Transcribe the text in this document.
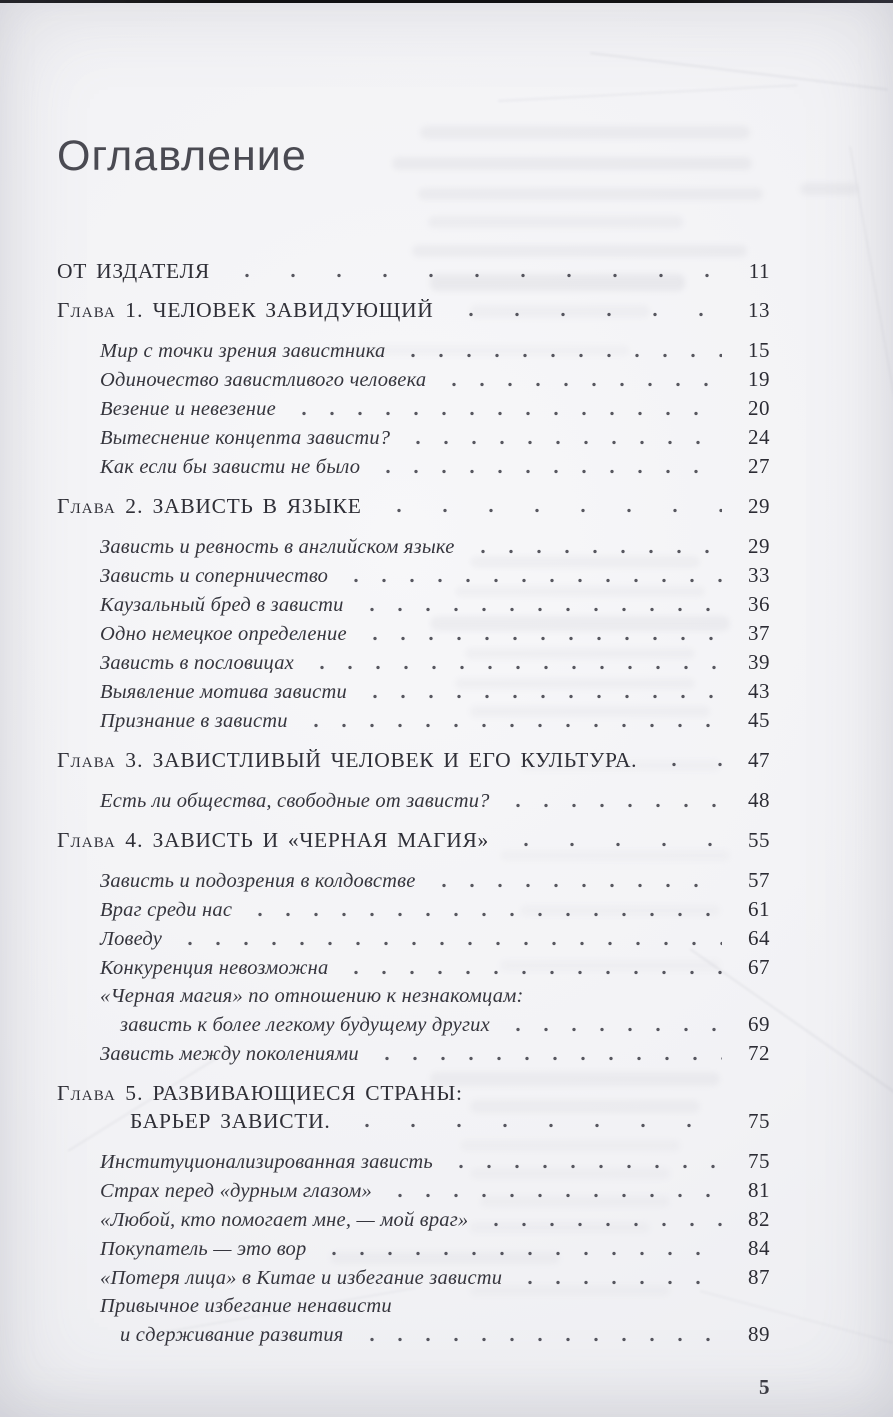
Оглавление
ОТ ИЗДАТЕЛЯ	11
Глава 1. ЧЕЛОВЕК ЗАВИДУЮЩИЙ	13
Мир с точки зрения завистника	15
Одиночество завистливого человека	19
Везение и невезение	20
Вытеснение концепта зависти?	24
Как если бы зависти не было	27
Глава 2. ЗАВИСТЬ В ЯЗЫКЕ	29
Зависть и ревность в английском языке	29
Зависть и соперничество	33
Каузальный бред в зависти	36
Одно немецкое определение	37
Зависть в пословицах	39
Выявление мотива зависти	43
Признание в зависти	45
Глава 3. ЗАВИСТЛИВЫЙ ЧЕЛОВЕК И ЕГО КУЛЬТУРА.	47
Есть ли общества, свободные от зависти?	48
Глава 4. ЗАВИСТЬ И «ЧЕРНАЯ МАГИЯ»	55
Зависть и подозрения в колдовстве	57
Враг среди нас	61
Ловеду	64
Конкуренция невозможна	67
«Черная магия» по отношению к незнакомцам:
зависть к более легкому будущему других	69
Зависть между поколениями	72
Глава 5. РАЗВИВАЮЩИЕСЯ СТРАНЫ:
БАРЬЕР ЗАВИСТИ.	75
Институционализированная зависть	75
Страх перед «дурным глазом»	81
«Любой, кто помогает мне, — мой враг»	82
Покупатель — это вор	84
«Потеря лица» в Китае и избегание зависти	87
Привычное избегание ненависти
и сдерживание развития	89
5
